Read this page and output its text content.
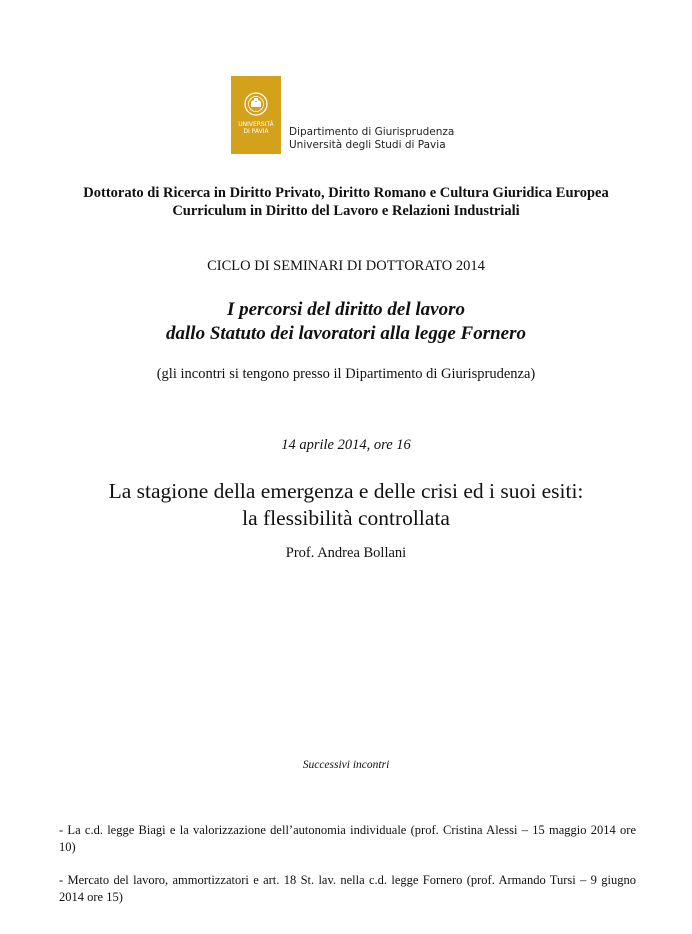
UNIVERSITÀ
DI PAVIA Dipartimento di Giurisprudenza
Università degli Studi di Pavia
Dottorato di Ricerca in Diritto Privato, Diritto Romano e Cultura Giuridica Europea
Curriculum in Diritto del Lavoro e Relazioni Industriali
CICLO DI SEMINARI DI DOTTORATO 2014
I percorsi del diritto del lavoro
dallo Statuto dei lavoratori alla legge Fornero
(gli incontri si tengono presso il Dipartimento di Giurisprudenza)
14 aprile 2014, ore 16
La stagione della emergenza e delle crisi ed i suoi esiti:
la flessibilità controllata
Prof. Andrea Bollani
Successivi incontri
- La c.d. legge Biagi e la valorizzazione dell’autonomia individuale (prof. Cristina Alessi – 15 maggio 2014 ore 10)
- Mercato del lavoro, ammortizzatori e art. 18 St. lav. nella c.d. legge Fornero (prof. Armando Tursi – 9 giugno 2014 ore 15)
